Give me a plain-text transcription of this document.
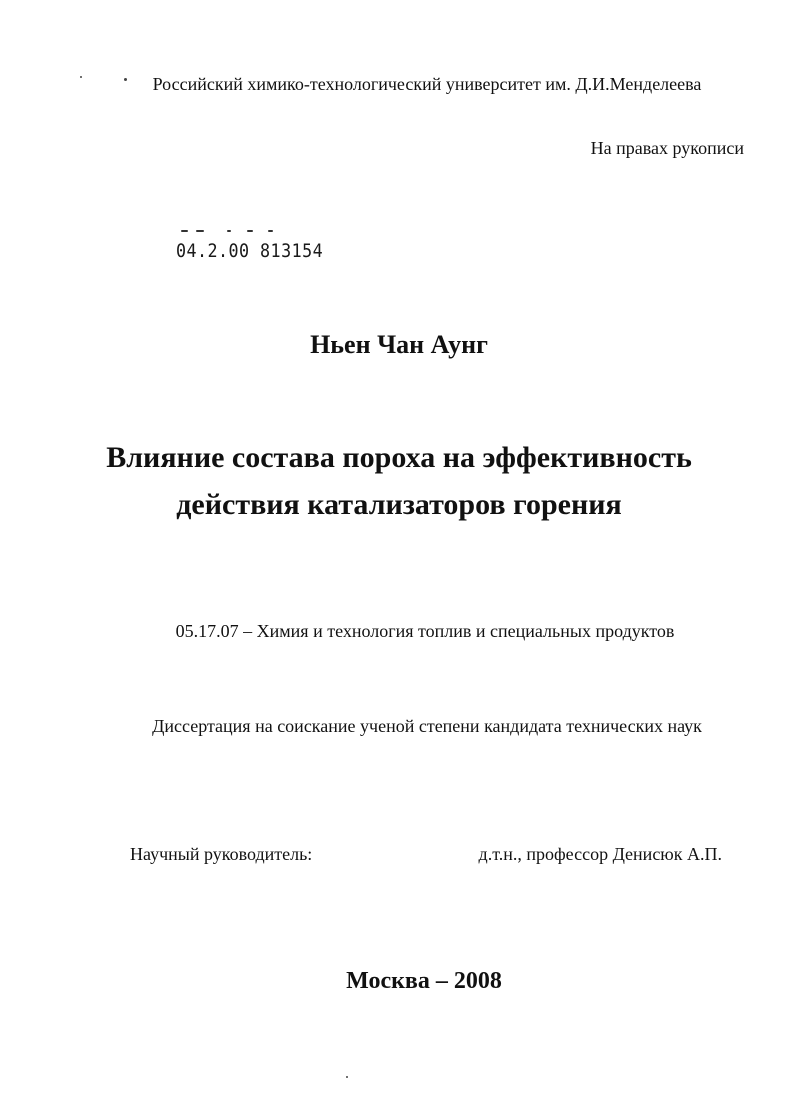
Российский химико-технологический университет им. Д.И.Менделеева
На правах рукописи
04.2.00 813154
Ньен Чан Аунг
Влияние состава пороха на эффективность
действия катализаторов горения
05.17.07 – Химия и технология топлив и специальных продуктов
Диссертация на соискание ученой степени кандидата технических наук
Научный руководитель:	д.т.н., профессор Денисюк А.П.
Москва – 2008
